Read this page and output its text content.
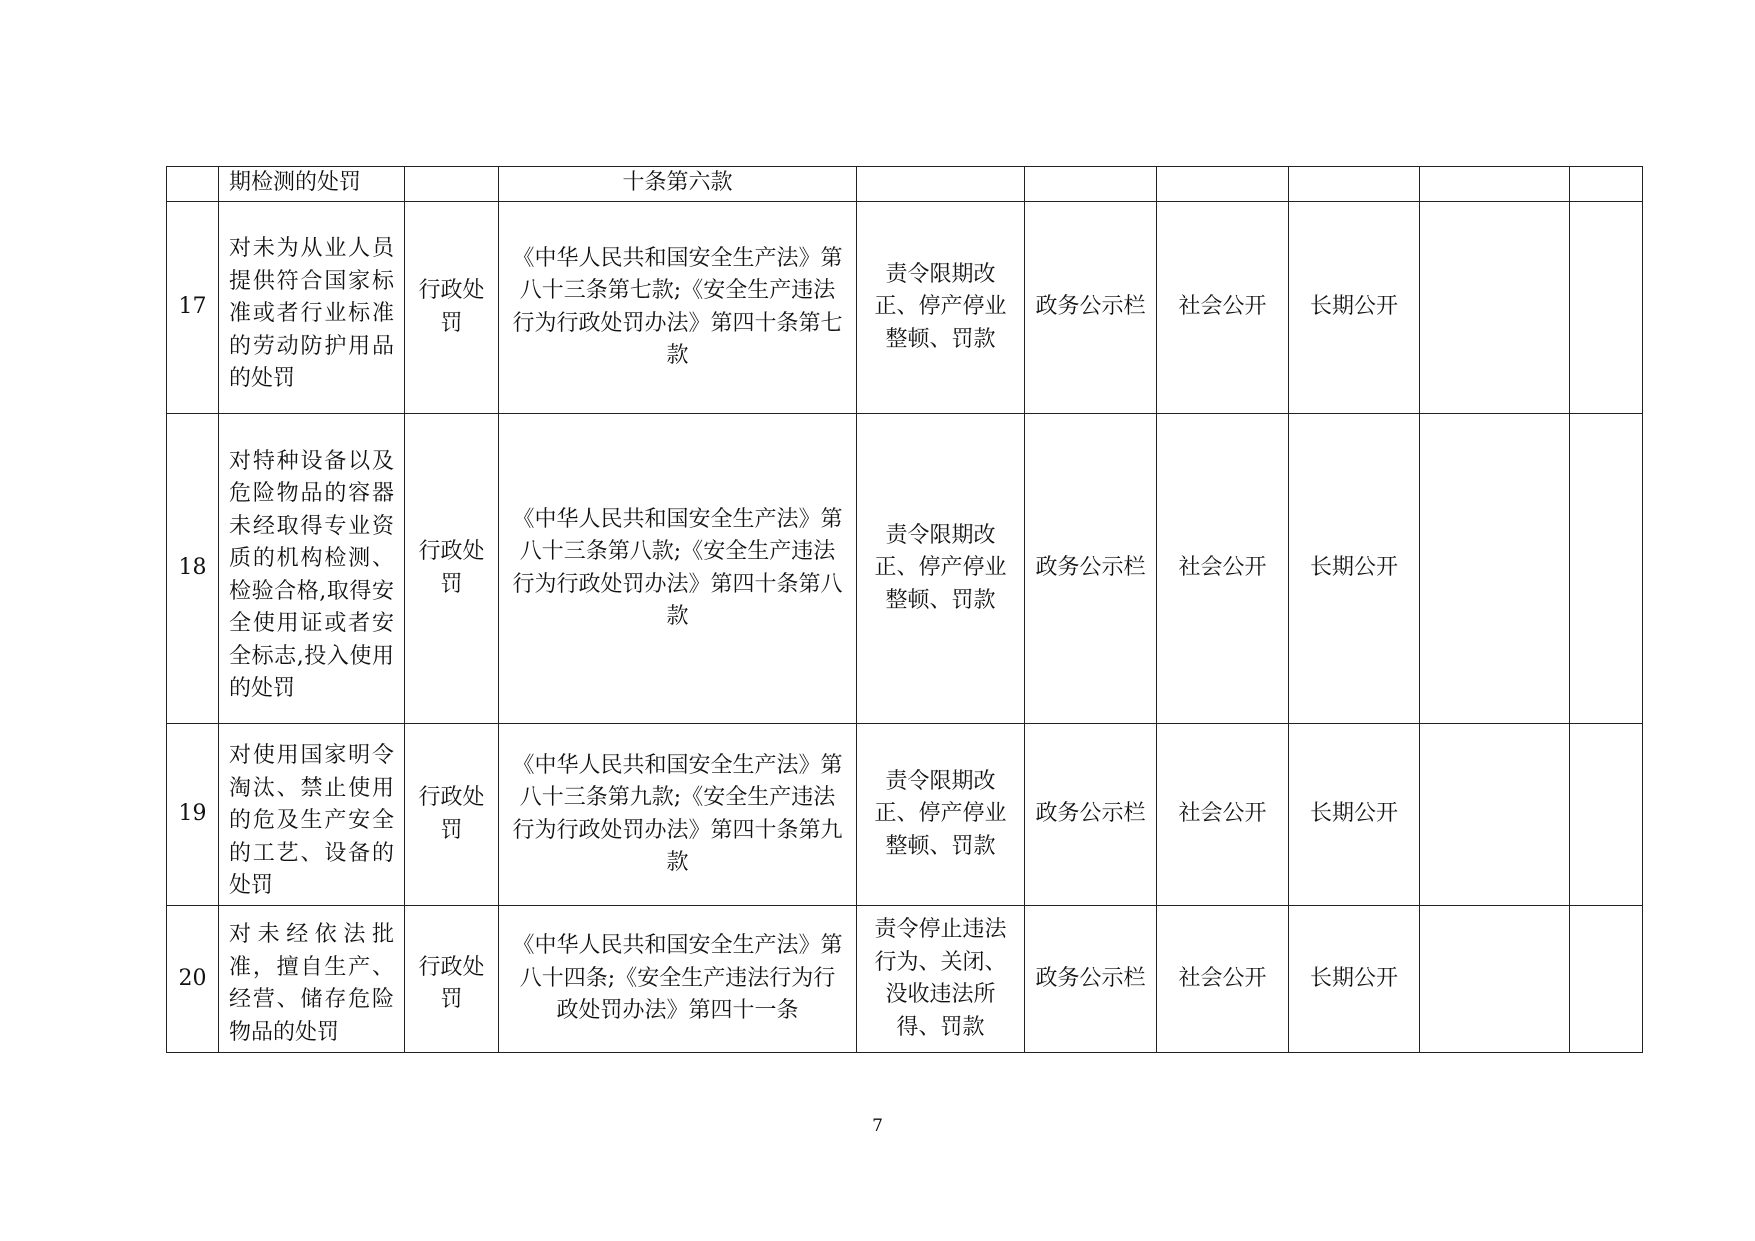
	期检测的处罚		十条第六款						
17	对未为从业人员提供符合国家标准或者行业标准的劳动防护用品的处罚	行政处罚	《中华人民共和国安全生产法》第八十三条第七款;《安全生产违法行为行政处罚办法》第四十条第七款	责令限期改正、停产停业整顿、罚款	政务公示栏	社会公开	长期公开		
18	对特种设备以及危险物品的容器未经取得专业资质的机构检测、检验合格,取得安全使用证或者安全标志,投入使用的处罚	行政处罚	《中华人民共和国安全生产法》第八十三条第八款;《安全生产违法行为行政处罚办法》第四十条第八款	责令限期改正、停产停业整顿、罚款	政务公示栏	社会公开	长期公开		
19	对使用国家明令淘汰、禁止使用的危及生产安全的工艺、设备的处罚	行政处罚	《中华人民共和国安全生产法》第八十三条第九款;《安全生产违法行为行政处罚办法》第四十条第九款	责令限期改正、停产停业整顿、罚款	政务公示栏	社会公开	长期公开		
20	对未经依法批准，擅自生产、经营、储存危险物品的处罚	行政处罚	《中华人民共和国安全生产法》第八十四条;《安全生产违法行为行政处罚办法》第四十一条	责令停止违法行为、关闭、没收违法所得、罚款	政务公示栏	社会公开	长期公开		
7
